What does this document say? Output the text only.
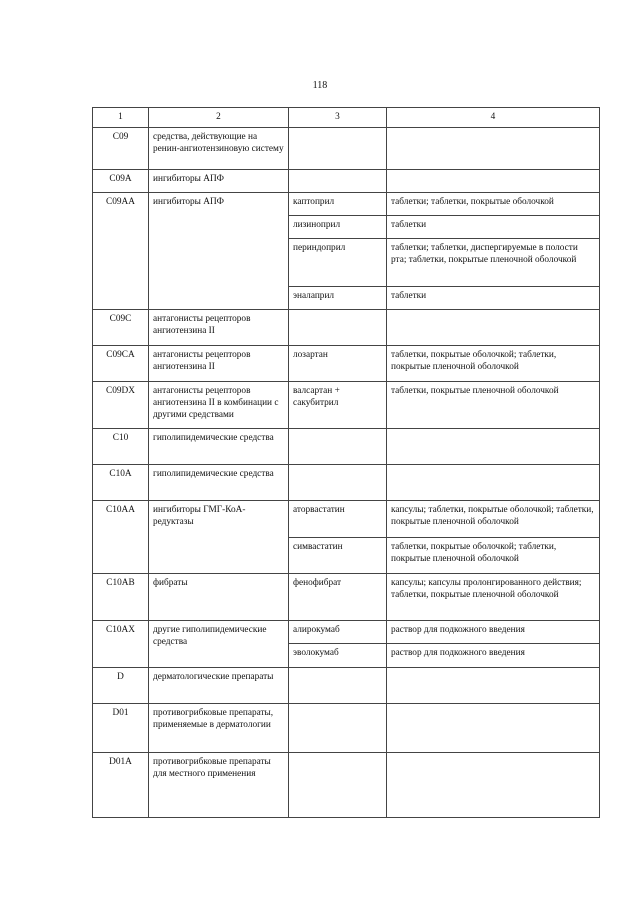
118
1	2	3	4
C09	средства, действующие на ренин-ангиотензиновую систему		
C09A	ингибиторы АПФ		
C09AA	ингибиторы АПФ	каптоприл	таблетки; таблетки, покрытые оболочкой
		лизиноприл	таблетки
		периндоприл	таблетки; таблетки, диспергируемые в полости рта; таблетки, покрытые пленочной оболочкой
		эналаприл	таблетки
C09C	антагонисты рецепторов ангиотензина II		
C09CA	антагонисты рецепторов ангиотензина II	лозартан	таблетки, покрытые оболочкой; таблетки, покрытые пленочной оболочкой
C09DX	антагонисты рецепторов ангиотензина II в комбинации с другими средствами	валсартан + сакубитрил	таблетки, покрытые пленочной оболочкой
C10	гиполипидемические средства		
C10A	гиполипидемические средства		
C10AA	ингибиторы ГМГ-КоА-редуктазы	аторвастатин	капсулы; таблетки, покрытые оболочкой; таблетки, покрытые пленочной оболочкой
		симвастатин	таблетки, покрытые оболочкой; таблетки, покрытые пленочной оболочкой
C10AB	фибраты	фенофибрат	капсулы; капсулы пролонгированного действия; таблетки, покрытые пленочной оболочкой
C10AX	другие гиполипидемические средства	алирокумаб	раствор для подкожного введения
		эволокумаб	раствор для подкожного введения
D	дерматологические препараты		
D01	противогрибковые препараты, применяемые в дерматологии		
D01A	противогрибковые препараты для местного применения		
